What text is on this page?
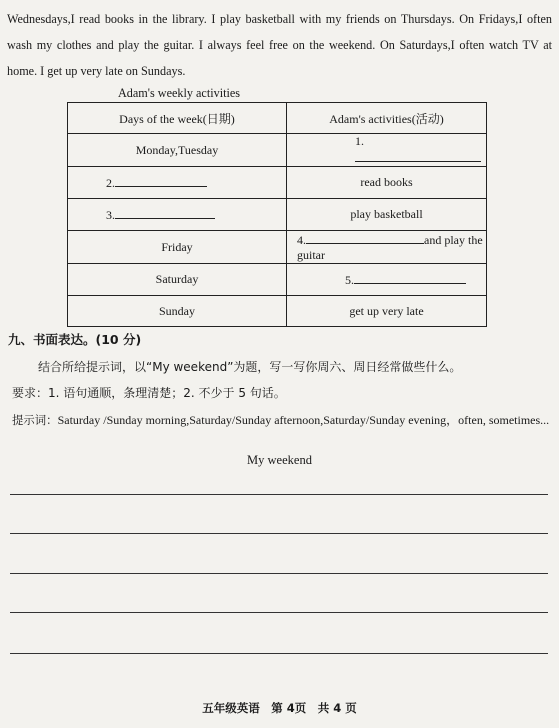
Wednesdays,I read books in the library. I play basketball with my friends on Thursdays. On Fridays,I often wash my clothes and play the guitar. I always feel free on the weekend. On Saturdays,I often watch TV at home. I get up very late on Sundays.
Adam's weekly activities
Days of the week(日期)	Adam's activities(活动)
Monday,Tuesday	1.
2.	read books
3.	play basketball
Friday	4. and play the guitar
Saturday	5.
Sunday	get up very late
九、书面表达。(10 分)
结合所给提示词，以“My weekend”为题，写一写你周六、周日经常做些什么。
要求：1. 语句通顺，条理清楚；2. 不少于 5 句话。
提示词：Saturday /Sunday morning,Saturday/Sunday afternoon,Saturday/Sunday evening，often, sometimes...
My weekend
五年级英语　第 4页　共 4 页
